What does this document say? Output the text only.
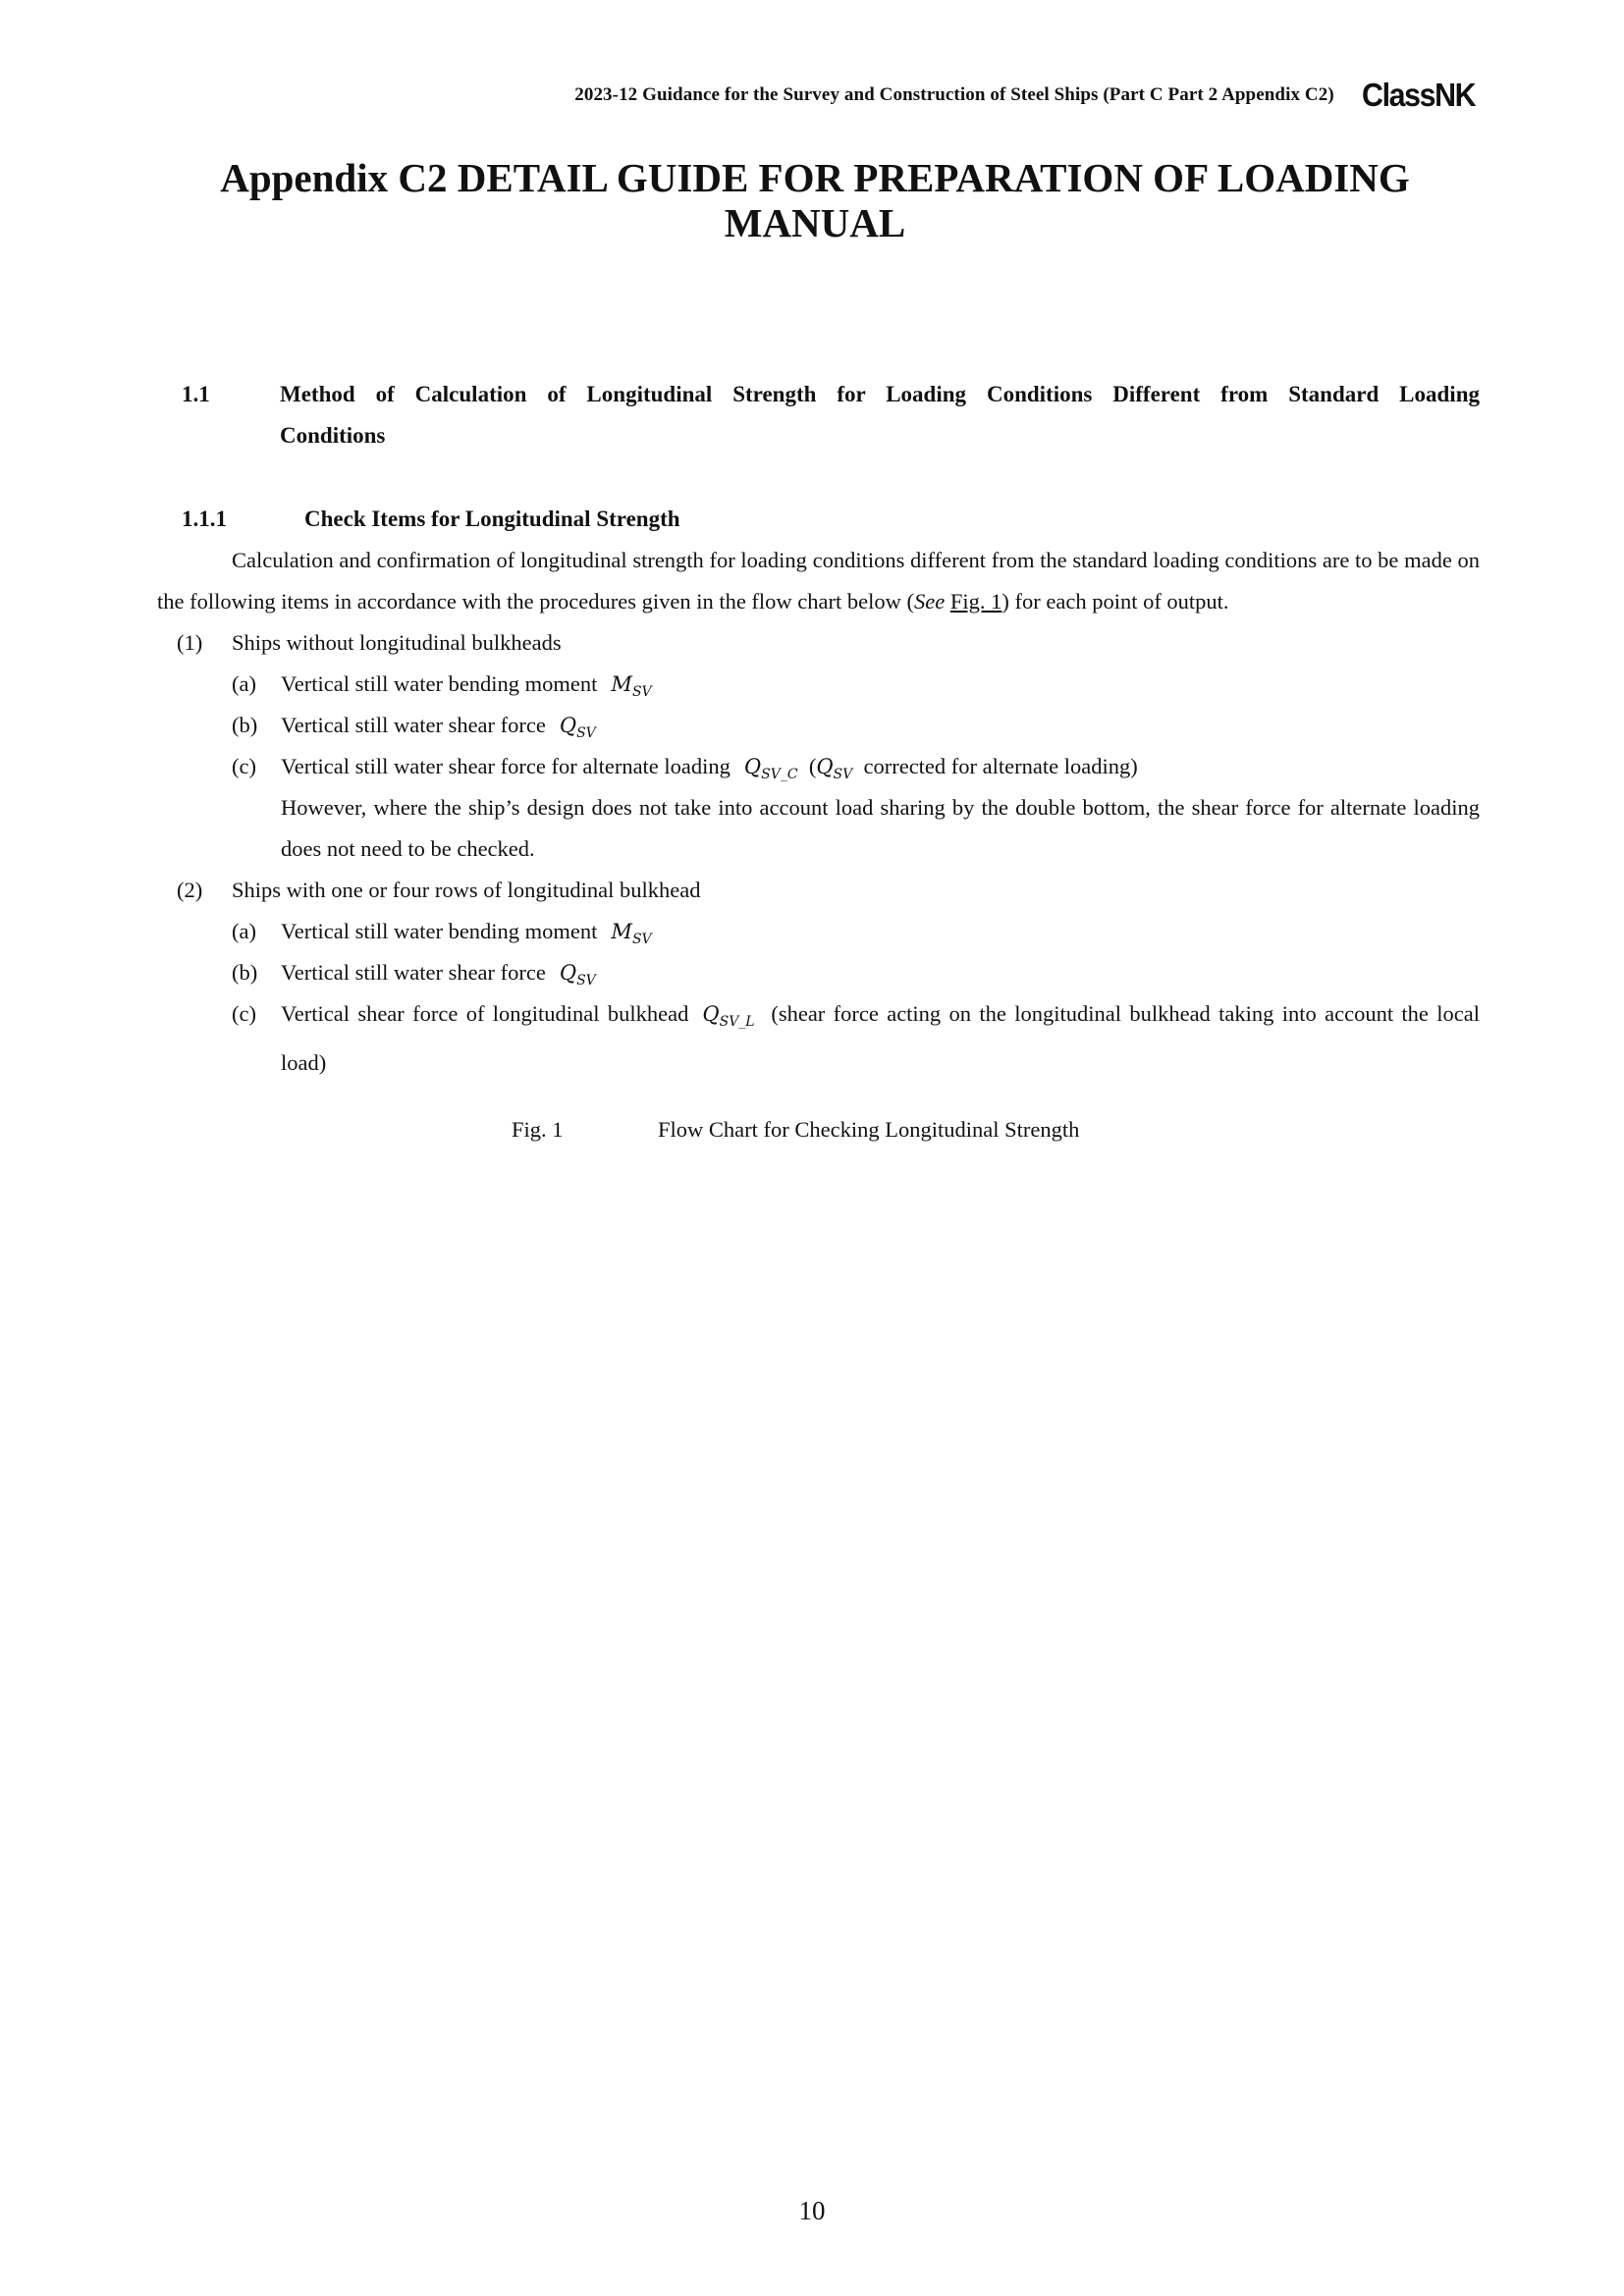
2023-12 Guidance for the Survey and Construction of Steel Ships (Part C Part 2 Appendix C2) ClassNK
Appendix C2 DETAIL GUIDE FOR PREPARATION OF LOADING
MANUAL
1.1	Method of Calculation of Longitudinal Strength for Loading Conditions Different from Standard Loading
Conditions
1.1.1	Check Items for Longitudinal Strength
Calculation and confirmation of longitudinal strength for loading conditions different from the standard loading conditions are to be made on the following items in accordance with the procedures given in the flow chart below (See Fig. 1) for each point of output.
(1) Ships without longitudinal bulkheads
(a) Vertical still water bending moment $M_{SV}$
(b) Vertical still water shear force $Q_{SV}$
(c) Vertical still water shear force for alternate loading $Q_{SV\_C}$ ($Q_{SV}$ corrected for alternate loading)
However, where the ship’s design does not take into account load sharing by the double bottom, the shear force for alternate loading does not need to be checked.
(2) Ships with one or four rows of longitudinal bulkhead
(a) Vertical still water bending moment $M_{SV}$
(b) Vertical still water shear force $Q_{SV}$
(c) Vertical shear force of longitudinal bulkhead $Q_{SV\_L}$ (shear force acting on the longitudinal bulkhead taking into account the local load)
Fig. 1	Flow Chart for Checking Longitudinal Strength
10
